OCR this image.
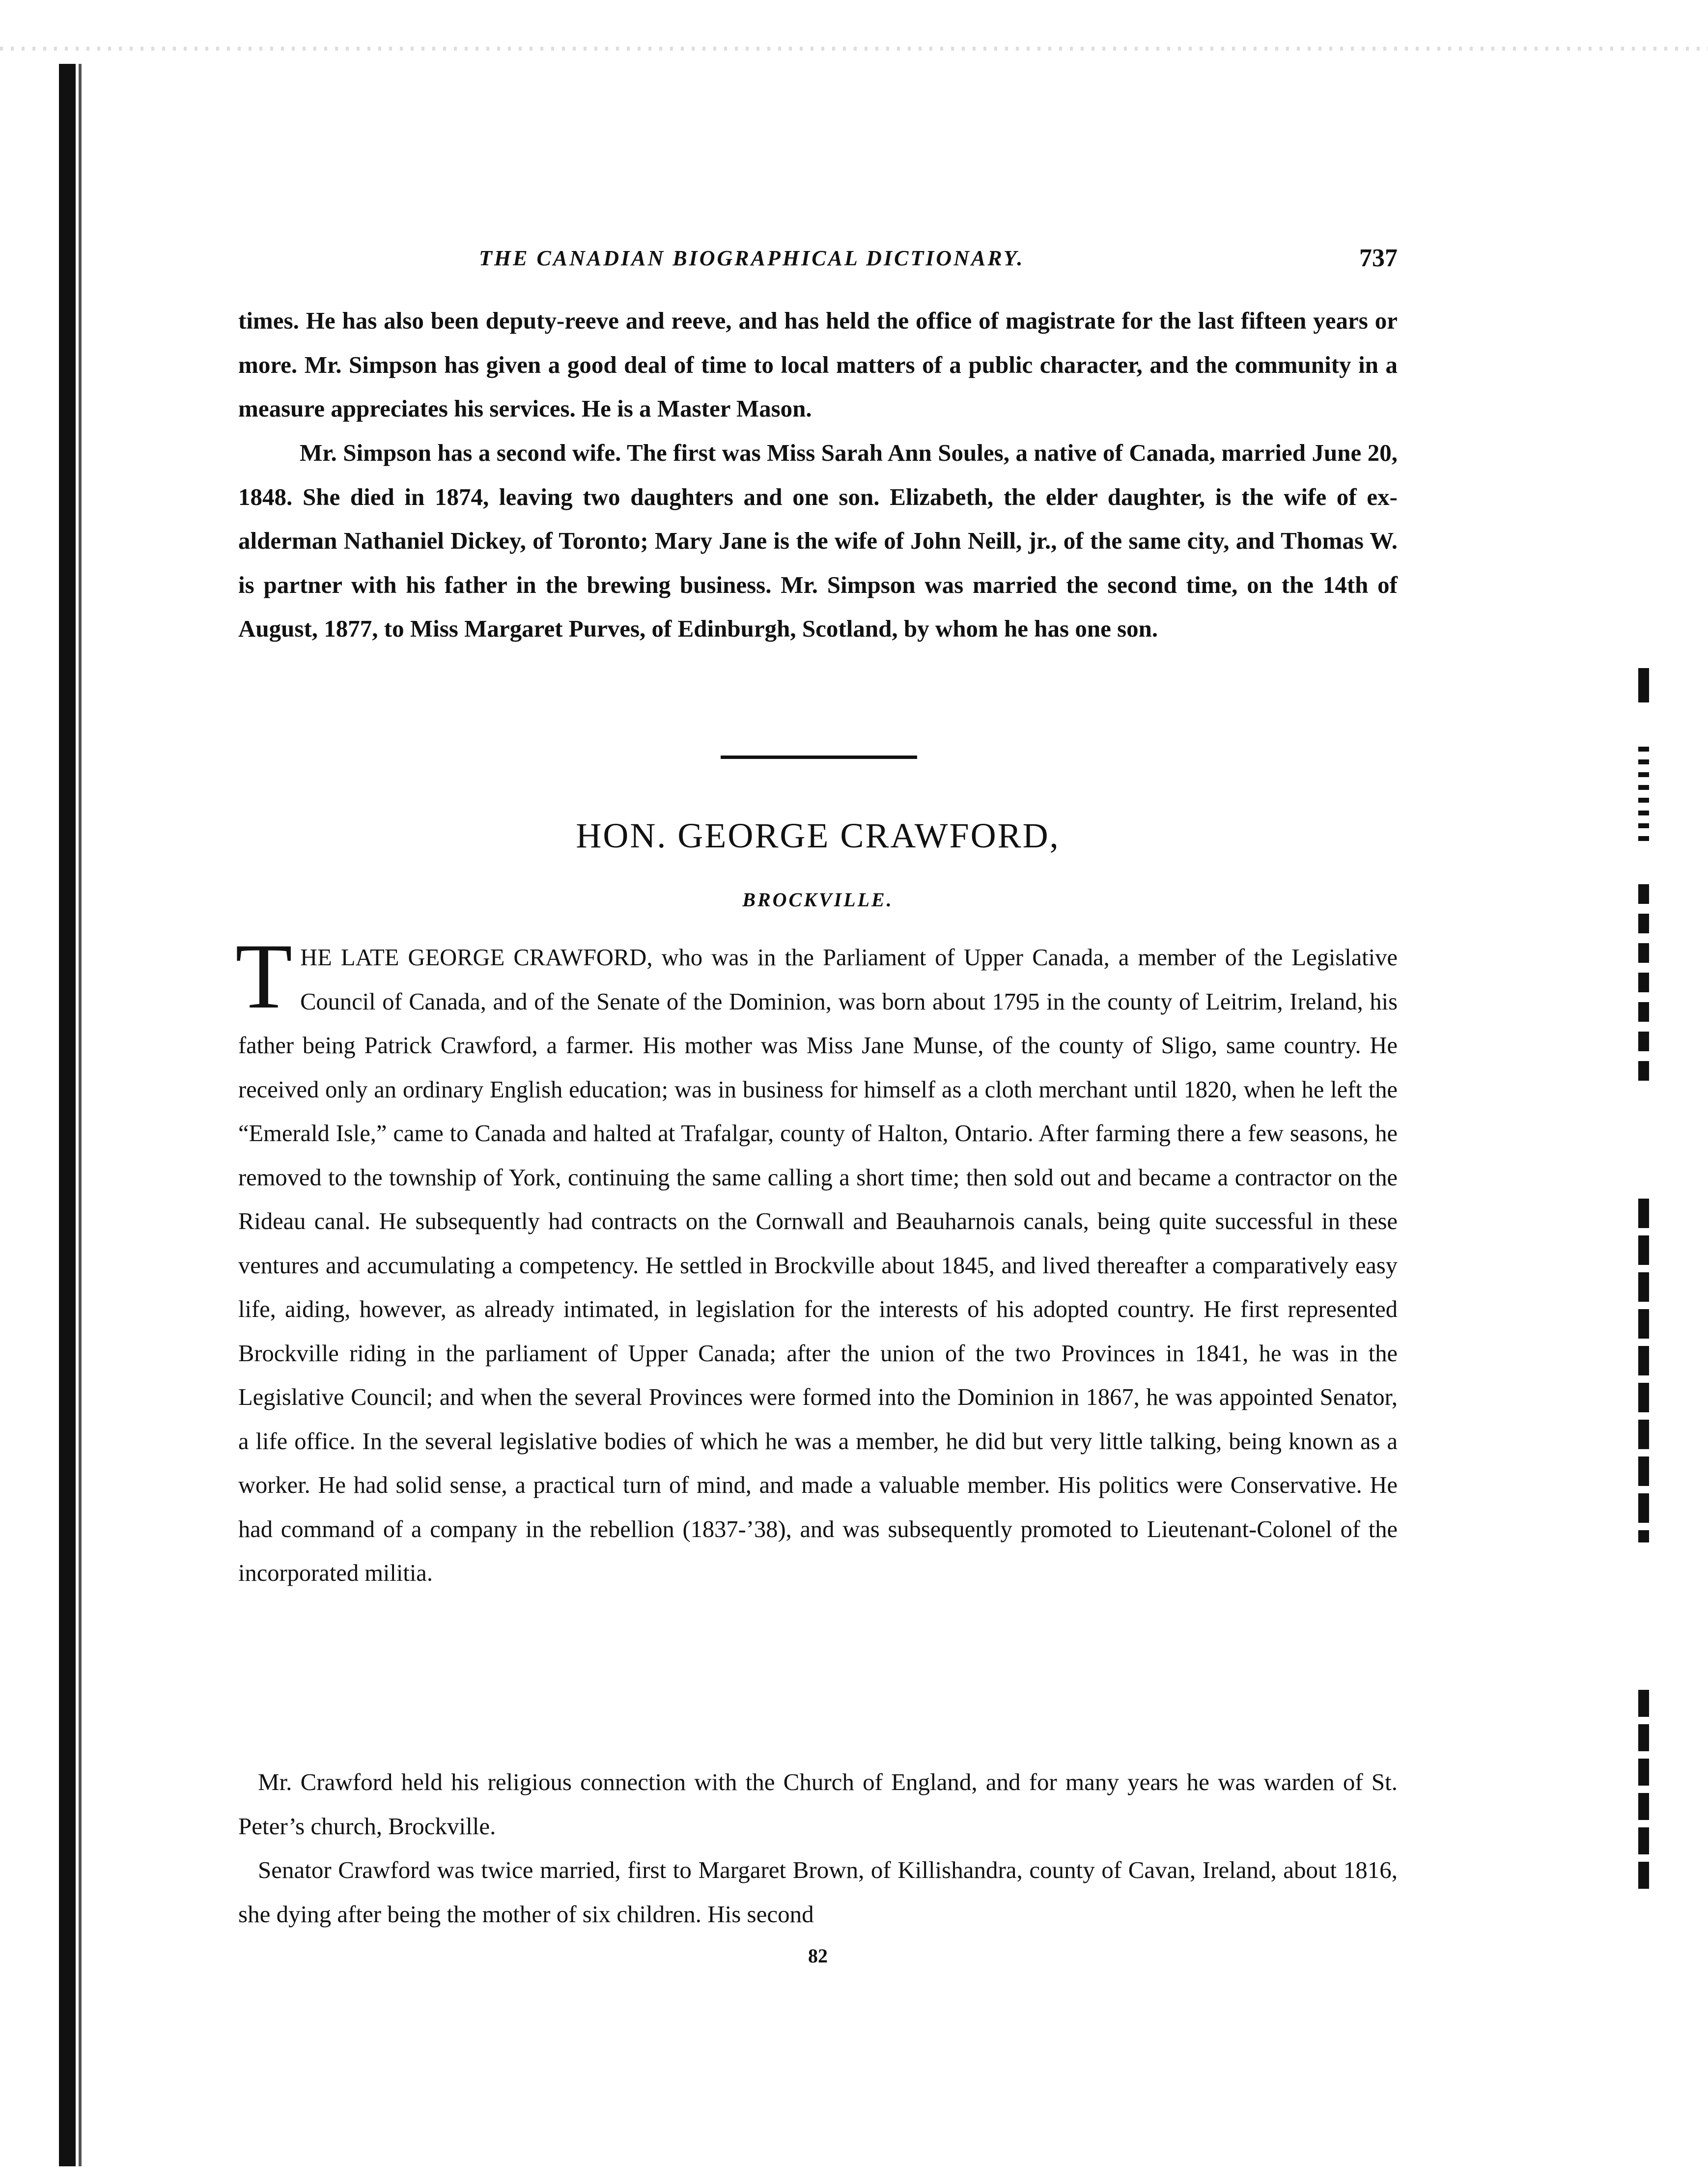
THE CANADIAN BIOGRAPHICAL DICTIONARY.	737

times. He has also been deputy-reeve and reeve, and has held the office of magistrate for the last fifteen years or more. Mr. Simpson has given a good deal of time to local matters of a public character, and the community in a measure appreciates his services. He is a Master Mason.

Mr. Simpson has a second wife. The first was Miss Sarah Ann Soules, a native of Canada, married June 20, 1848. She died in 1874, leaving two daughters and one son. Elizabeth, the elder daughter, is the wife of ex-alderman Nathaniel Dickey, of Toronto; Mary Jane is the wife of John Neill, jr., of the same city, and Thomas W. is partner with his father in the brewing business. Mr. Simpson was married the second time, on the 14th of August, 1877, to Miss Margaret Purves, of Edinburgh, Scotland, by whom he has one son.

HON. GEORGE CRAWFORD,
BROCKVILLE.

THE LATE GEORGE CRAWFORD, who was in the Parliament of Upper Canada, a member of the Legislative Council of Canada, and of the Senate of the Dominion, was born about 1795 in the county of Leitrim, Ireland, his father being Patrick Crawford, a farmer. His mother was Miss Jane Munse, of the county of Sligo, same country. He received only an ordinary English education; was in business for himself as a cloth merchant until 1820, when he left the “Emerald Isle,” came to Canada and halted at Trafalgar, county of Halton, Ontario. After farming there a few seasons, he removed to the township of York, continuing the same calling a short time; then sold out and became a contractor on the Rideau canal. He subsequently had contracts on the Cornwall and Beauharnois canals, being quite successful in these ventures and accumulating a competency. He settled in Brockville about 1845, and lived thereafter a comparatively easy life, aiding, however, as already intimated, in legislation for the interests of his adopted country. He first represented Brockville riding in the parliament of Upper Canada; after the union of the two Provinces in 1841, he was in the Legislative Council; and when the several Provinces were formed into the Dominion in 1867, he was appointed Senator, a life office. In the several legislative bodies of which he was a member, he did but very little talking, being known as a worker. He had solid sense, a practical turn of mind, and made a valuable member. His politics were Conservative. He had command of a company in the rebellion (1837-’38), and was subsequently promoted to Lieutenant-Colonel of the incorporated militia.

Mr. Crawford held his religious connection with the Church of England, and for many years he was warden of St. Peter’s church, Brockville.

Senator Crawford was twice married, first to Margaret Brown, of Killishandra, county of Cavan, Ireland, about 1816, she dying after being the mother of six children. His second

82
